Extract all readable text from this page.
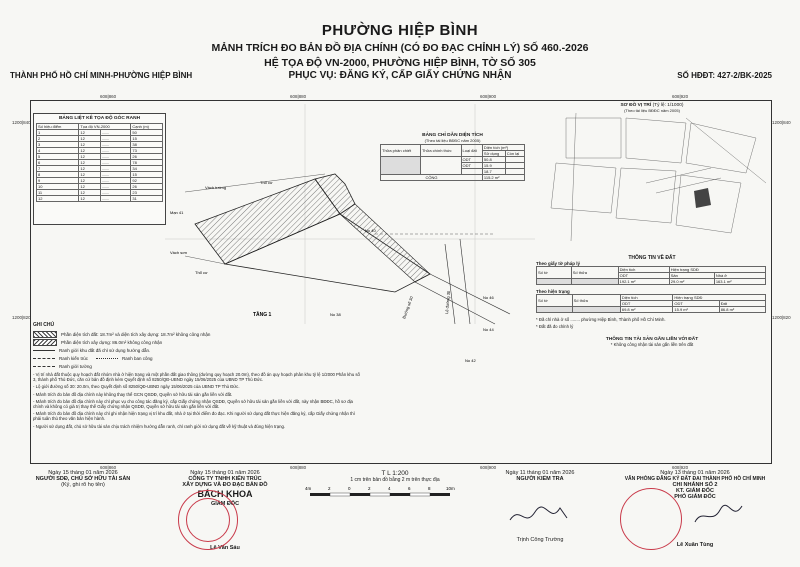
PHƯỜNG HIỆP BÌNH
MẢNH TRÍCH ĐO BẢN ĐỒ ĐỊA CHÍNH (CÓ ĐO ĐẠC CHỈNH LÝ) SỐ 460.-2026
HỆ TỌA ĐỘ VN-2000, PHƯỜNG HIỆP BÌNH, TỜ SỐ 305
PHỤC VỤ: ĐĂNG KÝ, CẤP GIẤY CHỨNG NHẬN
THÀNH PHỐ HỒ CHÍ MINH-PHƯỜNG HIỆP BÌNH	SỐ HĐĐT: 427-2/BK-2025
608|860	608|880	608|900	608|920
1200|840
1200|820
1200|840
1200|820
608|860	608|880	608|900	608|920
BẢNG LIỆT KÊ TỌA ĐỘ GÓC RANH
Số hiệu điểm	Tọa độ VN-2000		Cạnh (m)
1	12	.......	50
2	12	.......	15
3	12	.......	38
4	12	.......	73
5	12	.......	26
6	12	.......	78
7	12	.......	34
8	12	.......	15
9	12	.......	92
10	12	.......	26
11	12	.......	23
12	12	.......	31
TẦNG 1
Lê đường 30
Đường số 30
Vách tường
Thổ cư
Mạn 41
Vách sơn
Thổ cư
No 40
No 46
No 44
No 42
No 38
BẢNG CHỈ DẪN DIỆN TÍCH
(Theo tài liệu BĐĐC năm 2005)
Thửa phân chiết	Thửa chính thức	Loại đất	Diện tích (m²)	
			Sử dụng	Còn lại
		ODT	50.8	
		ODT	15.9	
			18.7	
CỘNG			115.2 m²	
SƠ ĐỒ VỊ TRÍ (Tỷ lệ: 1/1000)
(Theo tài liệu BĐĐC năm 2005)
THÔNG TIN VỀ ĐẤT
Theo giấy tờ pháp lý
Số tờ	Số thửa	Diện tích	Hiện trạng SDĐ	
		ODT	Sân	Nhà ở
		192.1 m²	29.0 m²	163.1 m²
Theo hiện trạng
Số tờ	Số thửa	Diện tích	Hiện trạng SDĐ	
		ODT	ODT	Đất
		69.8 m²	15.9 m²	86.8 m²
* Đã chỉ nhà ở số ........ phường Hiệp Bình, Thành phố Hồ Chí Minh.
* Đất đã đo chỉnh lý
THÔNG TIN TÀI SẢN GẮN LIỀN VỚI ĐẤT
* Không công nhận tài sản gắn liền trên đất
GHI CHÚ
Phần diện tích đất: 18.7m² và diện tích xây dựng: 18.7m² không công nhận
Phần diện tích xây dựng: 86.0m² không công nhận
Ranh giới khu đất đã chỉ sử dụng hướng dẫn.
Ranh kiến trúc	Ranh ban công
Ranh giới tường
- Vị trí nhà đất thuộc quy hoạch đất nhóm nhà ở hiện trạng và một phần đất giao thông (đường quy hoạch 20.0m), theo đồ án quy hoạch phân khu tỷ lệ 1/2000 Phân khu số 3, thành phố Thủ Đức, căn cứ bản đồ định kèm Quyết định số 8250/QĐ-UBND ngày 15/06/2025 của UBND TP Thủ Đức.
- Lộ giới đường số 30: 20.0m, theo Quyết định số 8250/QĐ-UBND ngày 15/06/2025 của UBND TP Thủ Đức.
- Mảnh trích đo bản đồ địa chính này không thay thế GCN QSDĐ, Quyền sở hữu tài sản gắn liền với đất.
- Mảnh trích đo bản đồ địa chính này chỉ phục vụ cho công tác đăng ký, cấp Giấy chứng nhận QSDĐ, Quyền sở hữu tài sản gắn liền với đất, này nhận BĐĐC, hồ sơ địa chính và không có giá trị thay thế Giấy chứng nhận QSDĐ, Quyền sở hữu tài sản gắn liền với đất.
- Mảnh trích đo bản đồ địa chính này chỉ ghi nhận hiện trạng vị trí khu đất, nhà ở tại thời điểm đo đạc. Khi người sử dụng đất thực hiện đăng ký, cấp Giấy chứng nhận thì phải tuân thủ theo văn bản hiện hành.
- Người sử dụng đất, chủ sở hữu tài sản chịu trách nhiệm hướng dẫn ranh, chỉ ranh giới sử dụng đất về kỹ thuật và đúng hiện trạng.
Ngày 15 tháng 01 năm 2026
NGƯỜI SDĐ, CHỦ SỞ HỮU TÀI SẢN
(Ký, ghi rõ họ tên)
Ngày 15 tháng 01 năm 2026
CÔNG TY TNHH KIẾN TRÚC
XÂY DỰNG VÀ ĐO ĐẠC BẢN ĐỒ
BÁCH KHOA
GIÁM ĐỐC
Lê Văn Sáu
T L 1:200
1 cm trên bản đồ bằng 2 m trên thực địa
4m	2	0	2	4	6	8	10m
Ngày 11 tháng 01 năm 2026
NGƯỜI KIỂM TRA
Trịnh Công Trường
Ngày 13 tháng 01 năm 2026
VĂN PHÒNG ĐĂNG KÝ ĐẤT ĐAI THÀNH PHỐ HỒ CHÍ MINH
CHI NHÁNH SỐ 2
KT. GIÁM ĐỐC
PHÓ GIÁM ĐỐC
Lê Xuân Tùng
